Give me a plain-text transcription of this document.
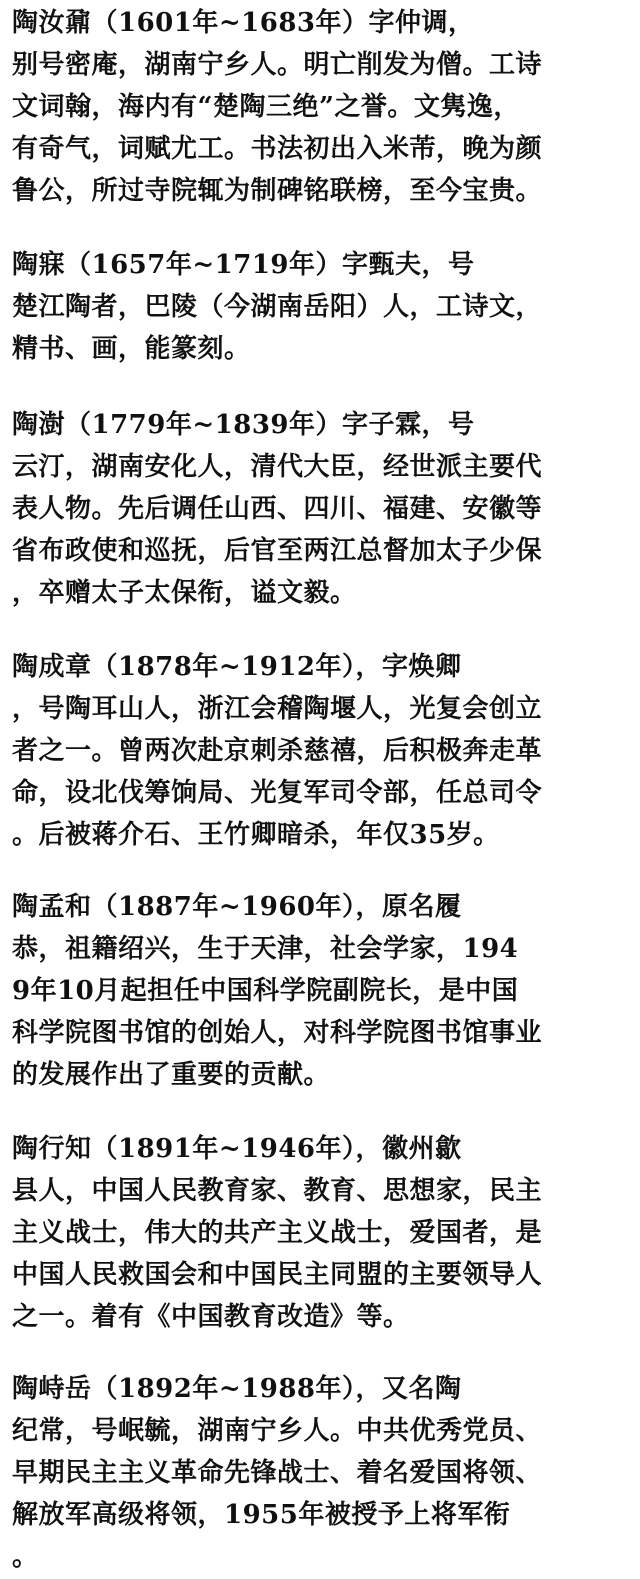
陶汝鼐（1601年~1683年）字仲调，
别号密庵，湖南宁乡人。明亡削发为僧。工诗
文词翰，海内有“楚陶三绝”之誉。文隽逸，
有奇气，词赋尤工。书法初出入米芾，晚为颜
鲁公，所过寺院辄为制碑铭联榜，至今宝贵。
陶寐（1657年~1719年）字甄夫，号
楚江陶者，巴陵（今湖南岳阳）人，工诗文，
精书、画，能篆刻。
陶澍（1779年~1839年）字子霖，号
云汀，湖南安化人，清代大臣，经世派主要代
表人物。先后调任山西、四川、福建、安徽等
省布政使和巡抚，后官至两江总督加太子少保
，卒赠太子太保衔，谥文毅。
陶成章（1878年~1912年），字焕卿
，号陶耳山人，浙江会稽陶堰人，光复会创立
者之一。曾两次赴京刺杀慈禧，后积极奔走革
命，设北伐筹饷局、光复军司令部，任总司令
。后被蒋介石、王竹卿暗杀，年仅35岁。
陶孟和（1887年~1960年），原名履
恭，祖籍绍兴，生于天津，社会学家，194
9年10月起担任中国科学院副院长，是中国
科学院图书馆的创始人，对科学院图书馆事业
的发展作出了重要的贡献。
陶行知（1891年~1946年），徽州歙
县人，中国人民教育家、教育、思想家，民主
主义战士，伟大的共产主义战士，爱国者，是
中国人民救国会和中国民主同盟的主要领导人
之一。着有《中国教育改造》等。
陶峙岳（1892年~1988年），又名陶
纪常，号岷毓，湖南宁乡人。中共优秀党员、
早期民主主义革命先锋战士、着名爱国将领、
解放军高级将领，1955年被授予上将军衔
。
